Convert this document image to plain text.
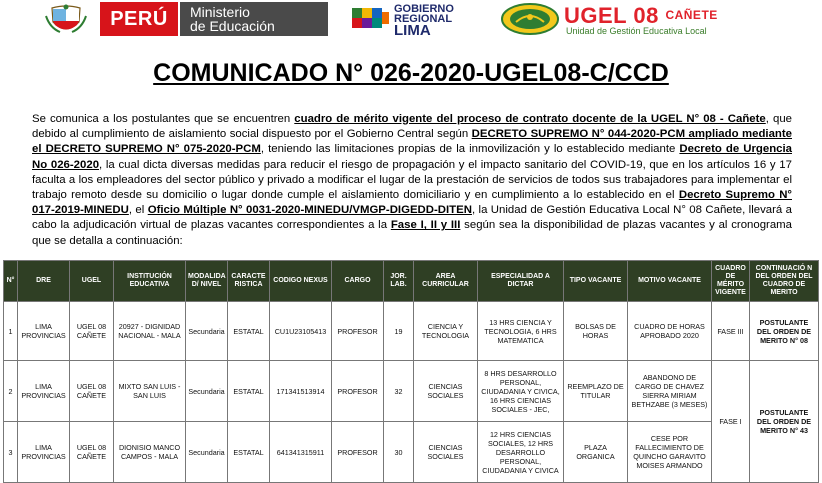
PERÚ	Ministerio
de Educación
GOBIERNO
REGIONAL
LIMA
UGEL 08 CAÑETE
Unidad de Gestión Educativa Local
COMUNICADO N° 026-2020-UGEL08-C/CCD
Se comunica a los postulantes que se encuentren cuadro de mérito vigente del proceso de contrato docente de la UGEL N° 08 - Cañete, que debido al cumplimiento de aislamiento social dispuesto por el Gobierno Central según DECRETO SUPREMO N° 044-2020-PCM ampliado mediante el DECRETO SUPREMO N° 075-2020-PCM, teniendo las limitaciones propias de la inmovilización y lo establecido mediante Decreto de Urgencia No 026-2020, la cual dicta diversas medidas para reducir el riesgo de propagación y el impacto sanitario del COVID-19, que en los artículos 16 y 17 faculta a los empleadores del sector público y privado a modificar el lugar de la prestación de servicios de todos sus trabajadores para implementar el trabajo remoto desde su domicilio o lugar donde cumple el aislamiento domiciliario y en cumplimiento a lo establecido en el Decreto Supremo N° 017-2019-MINEDU, el Oficio Múltiple N° 0031-2020-MINEDU/VMGP-DIGEDD-DITEN, la Unidad de Gestión Educativa Local N° 08 Cañete, llevará a cabo la adjudicación virtual de plazas vacantes correspondientes a la Fase I, II y III según sea la disponibilidad de plazas vacantes y al cronograma que se detalla a continuación:
N°	DRE	UGEL	INSTITUCIÓN EDUCATIVA	MODALIDA D/ NIVEL	CARACTE RISTICA	CODIGO NEXUS	CARGO	JOR. LAB.	AREA CURRICULAR	ESPECIALIDAD A DICTAR	TIPO VACANTE	MOTIVO VACANTE	CUADRO DE MÉRITO VIGENTE	CONTINUACIÓ N DEL ORDEN DEL CUADRO DE MERITO
1	LIMA PROVINCIAS	UGEL 08 CAÑETE	20927 - DIGNIDAD NACIONAL - MALA	Secundaria	ESTATAL	CU1U23105413	PROFESOR	19	CIENCIA Y TECNOLOGIA	13 HRS CIENCIA Y TECNOLOGIA, 6 HRS MATEMATICA	BOLSAS DE HORAS	CUADRO DE HORAS APROBADO 2020	FASE III	POSTULANTE DEL ORDEN DE MERITO N° 08
2	LIMA PROVINCIAS	UGEL 08 CAÑETE	MIXTO SAN LUIS - SAN LUIS	Secundaria	ESTATAL	171341513914	PROFESOR	32	CIENCIAS SOCIALES	8 HRS DESARROLLO PERSONAL, CIUDADANIA Y CIVICA, 16 HRS CIENCIAS SOCIALES - JEC,	REEMPLAZO DE TITULAR	ABANDONO DE CARGO DE CHAVEZ SIERRA MIRIAM BETHZABE (3 MESES)	FASE I	POSTULANTE DEL ORDEN DE MERITO N° 43
3	LIMA PROVINCIAS	UGEL 08 CAÑETE	DIONISIO MANCO CAMPOS - MALA	Secundaria	ESTATAL	641341315911	PROFESOR	30	CIENCIAS SOCIALES	12 HRS CIENCIAS SOCIALES, 12 HRS DESARROLLO PERSONAL, CIUDADANIA Y CIVICA	PLAZA ORGANICA	CESE POR FALLECIMIENTO DE QUINCHO GARAVITO MOISES ARMANDO		
